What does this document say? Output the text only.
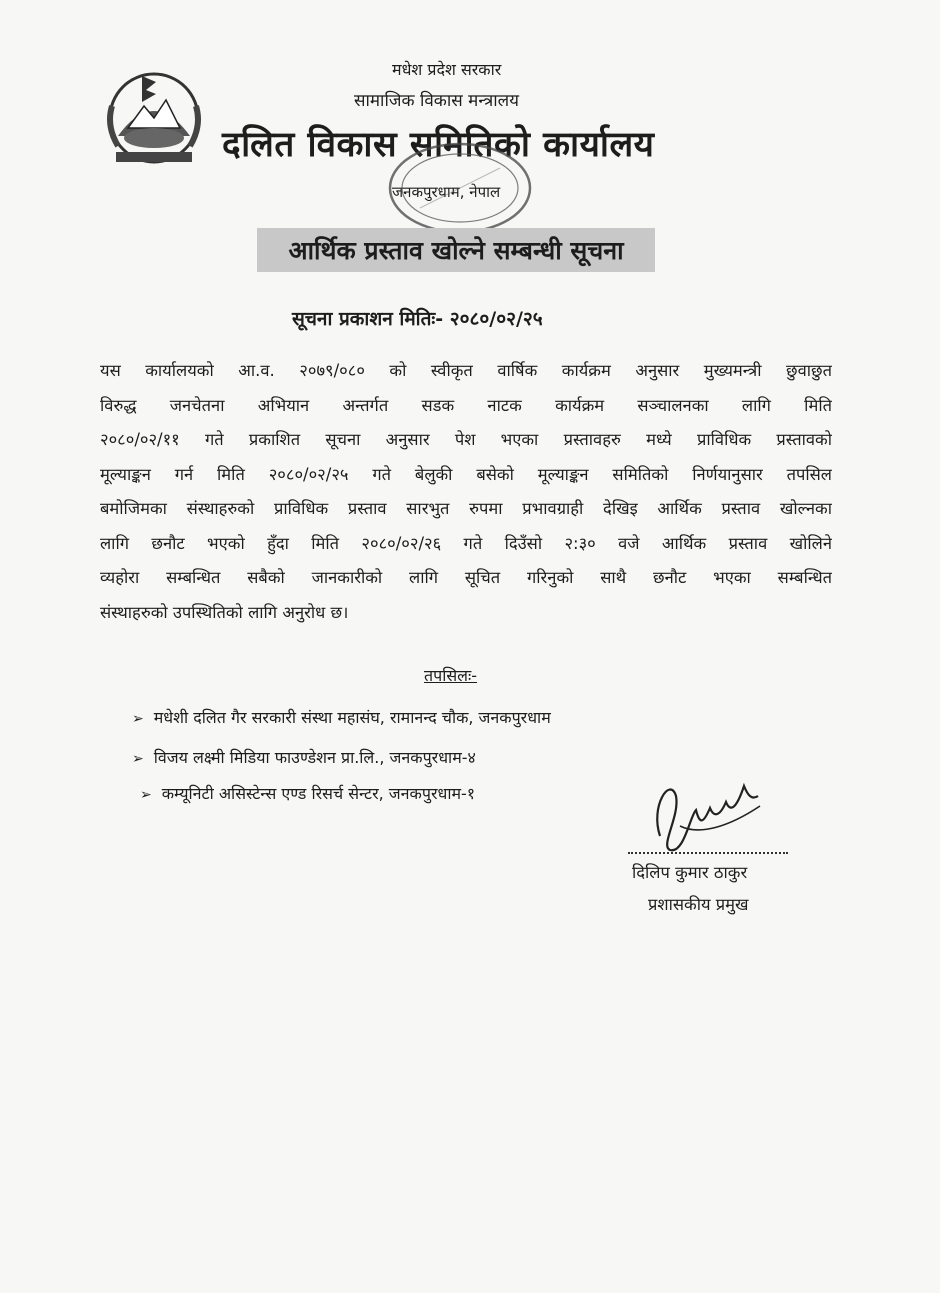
मधेश प्रदेश सरकार
सामाजिक विकास मन्त्रालय
दलित विकास समितिको कार्यालय
जनकपुरधाम, नेपाल
आर्थिक प्रस्ताव खोल्ने सम्बन्धी सूचना
सूचना प्रकाशन मितिः- २०८०/०२/२५
यस कार्यालयको आ.व. २०७९/०८० को स्वीकृत वार्षिक कार्यक्रम अनुसार मुख्यमन्त्री छुवाछुत
विरुद्ध जनचेतना अभियान अन्तर्गत सडक नाटक कार्यक्रम सञ्चालनका लागि मिति
२०८०/०२/११ गते प्रकाशित सूचना अनुसार पेश भएका प्रस्तावहरु मध्ये प्राविधिक प्रस्तावको
मूल्याङ्कन गर्न मिति २०८०/०२/२५ गते बेलुकी बसेको मूल्याङ्कन समितिको निर्णयानुसार तपसिल
बमोजिमका संस्थाहरुको प्राविधिक प्रस्ताव सारभुत रुपमा प्रभावग्राही देखिइ आर्थिक प्रस्ताव खोल्नका
लागि छनौट भएको हुँदा मिति २०८०/०२/२६ गते दिउँसो २:३० वजे आर्थिक प्रस्ताव खोलिने
व्यहोरा सम्बन्धित सबैको जानकारीको लागि सूचित गरिनुको साथै छनौट भएका सम्बन्धित
संस्थाहरुको उपस्थितिको लागि अनुरोध छ।
तपसिलः-
➢ मधेशी दलित गैर सरकारी संस्था महासंघ, रामानन्द चौक, जनकपुरधाम
➢ विजय लक्ष्मी मिडिया फाउण्डेशन प्रा.लि., जनकपुरधाम-४
➢ कम्यूनिटी असिस्टेन्स एण्ड रिसर्च सेन्टर, जनकपुरधाम-१
दिलिप कुमार ठाकुर
प्रशासकीय प्रमुख
